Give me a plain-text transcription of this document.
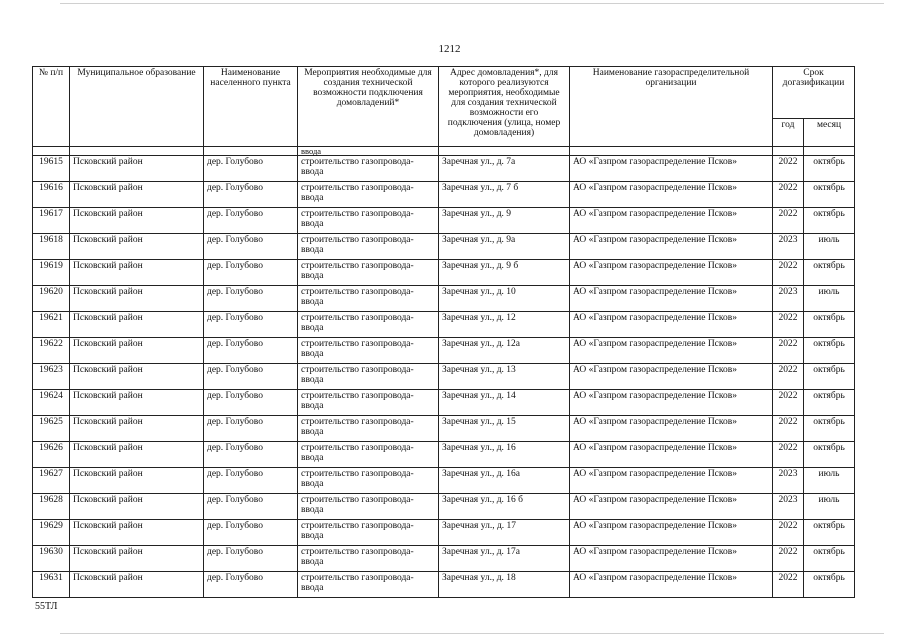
1212
№ п/п	Муниципальное образование	Наименование населенного пункта	Мероприятия необходимые для создания технической возможности подключения домовладений*	Адрес домовладения*, для которого реализуются мероприятия, необходимые для создания технической возможности его подключения (улица, номер домовладения)	Наименование газораспределительной организации	Срок догазификации	
						год	месяц
			ввода				
19615	Псковский район	дер. Голубово	строительство газопровода-ввода	Заречная ул., д. 7а	АО «Газпром газораспределение Псков»	2022	октябрь
19616	Псковский район	дер. Голубово	строительство газопровода-ввода	Заречная ул., д. 7 б	АО «Газпром газораспределение Псков»	2022	октябрь
19617	Псковский район	дер. Голубово	строительство газопровода-ввода	Заречная ул., д. 9	АО «Газпром газораспределение Псков»	2022	октябрь
19618	Псковский район	дер. Голубово	строительство газопровода-ввода	Заречная ул., д. 9а	АО «Газпром газораспределение Псков»	2023	июль
19619	Псковский район	дер. Голубово	строительство газопровода-ввода	Заречная ул., д. 9 б	АО «Газпром газораспределение Псков»	2022	октябрь
19620	Псковский район	дер. Голубово	строительство газопровода-ввода	Заречная ул., д. 10	АО «Газпром газораспределение Псков»	2023	июль
19621	Псковский район	дер. Голубово	строительство газопровода-ввода	Заречная ул., д. 12	АО «Газпром газораспределение Псков»	2022	октябрь
19622	Псковский район	дер. Голубово	строительство газопровода-ввода	Заречная ул., д. 12а	АО «Газпром газораспределение Псков»	2022	октябрь
19623	Псковский район	дер. Голубово	строительство газопровода-ввода	Заречная ул., д. 13	АО «Газпром газораспределение Псков»	2022	октябрь
19624	Псковский район	дер. Голубово	строительство газопровода-ввода	Заречная ул., д. 14	АО «Газпром газораспределение Псков»	2022	октябрь
19625	Псковский район	дер. Голубово	строительство газопровода-ввода	Заречная ул., д. 15	АО «Газпром газораспределение Псков»	2022	октябрь
19626	Псковский район	дер. Голубово	строительство газопровода-ввода	Заречная ул., д. 16	АО «Газпром газораспределение Псков»	2022	октябрь
19627	Псковский район	дер. Голубово	строительство газопровода-ввода	Заречная ул., д. 16а	АО «Газпром газораспределение Псков»	2023	июль
19628	Псковский район	дер. Голубово	строительство газопровода-ввода	Заречная ул., д. 16 б	АО «Газпром газораспределение Псков»	2023	июль
19629	Псковский район	дер. Голубово	строительство газопровода-ввода	Зарeчная ул., д. 17	АО «Газпром газораспределение Псков»	2022	октябрь
19630	Псковский район	дер. Голубово	строительство газопровода-ввода	Заречная ул., д. 17а	АО «Газпром газораспределение Псков»	2022	октябрь
19631	Псковский район	дер. Голубово	строительство газопровода-ввода	Заречная ул., д. 18	АО «Газпром газораспределение Псков»	2022	октябрь
55ТЛ
